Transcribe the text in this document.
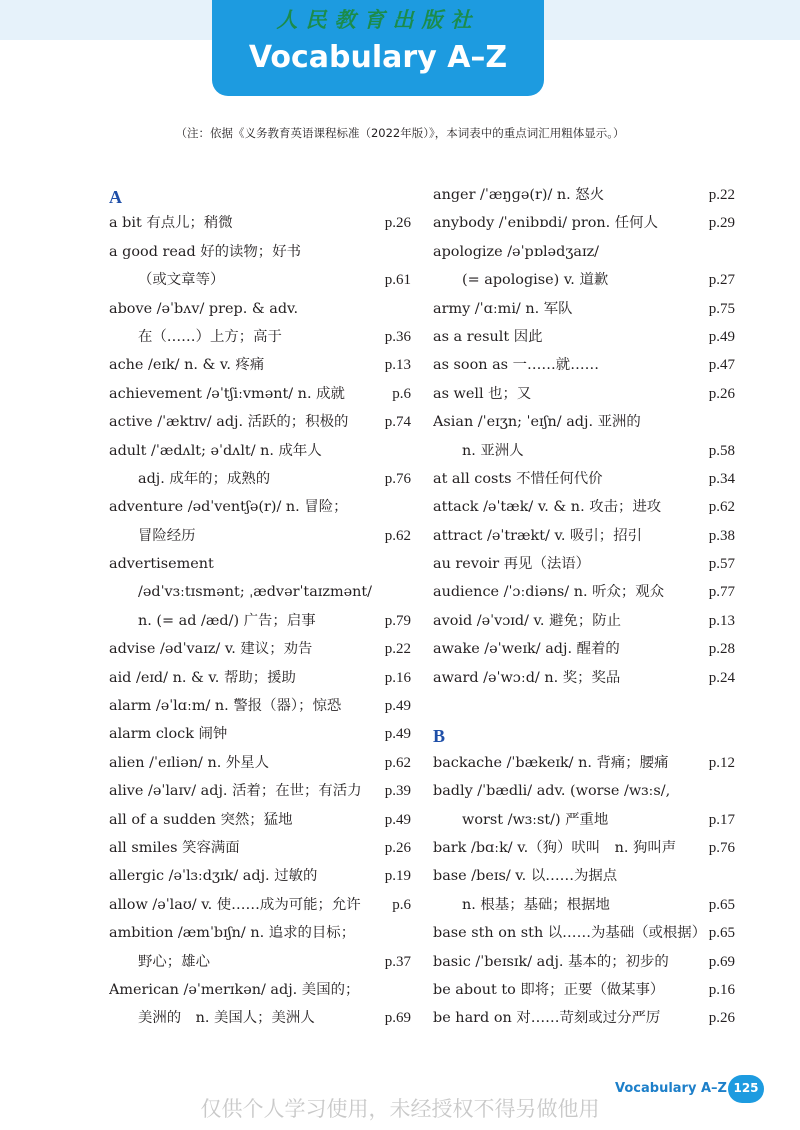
人民教育出版社
Vocabulary A–Z
（注：依据《义务教育英语课程标准（2022年版）》，本词表中的重点词汇用粗体显示。）
A
a bit 有点儿；稍微	p.26
a good read 好的读物；好书
（或文章等）	p.61
above /əˈbʌv/ prep. & adv.
在（……）上方；高于	p.36
ache /eɪk/ n. & v. 疼痛	p.13
achievement /əˈtʃiːvmənt/ n. 成就	p.6
active /ˈæktɪv/ adj. 活跃的；积极的	p.74
adult /ˈædʌlt; əˈdʌlt/ n. 成年人
adj. 成年的；成熟的	p.76
adventure /ədˈventʃə(r)/ n. 冒险；
冒险经历	p.62
advertisement
/ədˈvɜːtɪsmənt; ˌædvərˈtaɪzmənt/
n. (= ad /æd/) 广告；启事	p.79
advise /ədˈvaɪz/ v. 建议；劝告	p.22
aid /eɪd/ n. & v. 帮助；援助	p.16
alarm /əˈlɑːm/ n. 警报（器）；惊恐	p.49
alarm clock 闹钟	p.49
alien /ˈeɪliən/ n. 外星人	p.62
alive /əˈlaɪv/ adj. 活着；在世；有活力	p.39
all of a sudden 突然；猛地	p.49
all smiles 笑容满面	p.26
allergic /əˈlɜːdʒɪk/ adj. 过敏的	p.19
allow /əˈlaʊ/ v. 使……成为可能；允许	p.6
ambition /æmˈbɪʃn/ n. 追求的目标；
野心；雄心	p.37
American /əˈmerɪkən/ adj. 美国的；
美洲的　n. 美国人；美洲人	p.69
anger /ˈæŋɡə(r)/ n. 怒火	p.22
anybody /ˈenibɒdi/ pron. 任何人	p.29
apologize /əˈpɒlədʒaɪz/
(= apologise) v. 道歉	p.27
army /ˈɑːmi/ n. 军队	p.75
as a result 因此	p.49
as soon as 一……就……	p.47
as well 也；又	p.26
Asian /ˈeɪʒn; ˈeɪʃn/ adj. 亚洲的
n. 亚洲人	p.58
at all costs 不惜任何代价	p.34
attack /əˈtæk/ v. & n. 攻击；进攻	p.62
attract /əˈtrækt/ v. 吸引；招引	p.38
au revoir 再见（法语）	p.57
audience /ˈɔːdiəns/ n. 听众；观众	p.77
avoid /əˈvɔɪd/ v. 避免；防止	p.13
awake /əˈweɪk/ adj. 醒着的	p.28
award /əˈwɔːd/ n. 奖；奖品	p.24
B
backache /ˈbækeɪk/ n. 背痛；腰痛	p.12
badly /ˈbædli/ adv. (worse /wɜːs/,
worst /wɜːst/) 严重地	p.17
bark /bɑːk/ v.（狗）吠叫　n. 狗叫声	p.76
base /beɪs/ v. 以……为据点
n. 根基；基础；根据地	p.65
base sth on sth 以……为基础（或根据） p.65
basic /ˈbeɪsɪk/ adj. 基本的；初步的	p.69
be about to 即将；正要（做某事）	p.16
be hard on 对……苛刻或过分严厉	p.26
Vocabulary A–Z 125
仅供个人学习使用，未经授权不得另做他用
